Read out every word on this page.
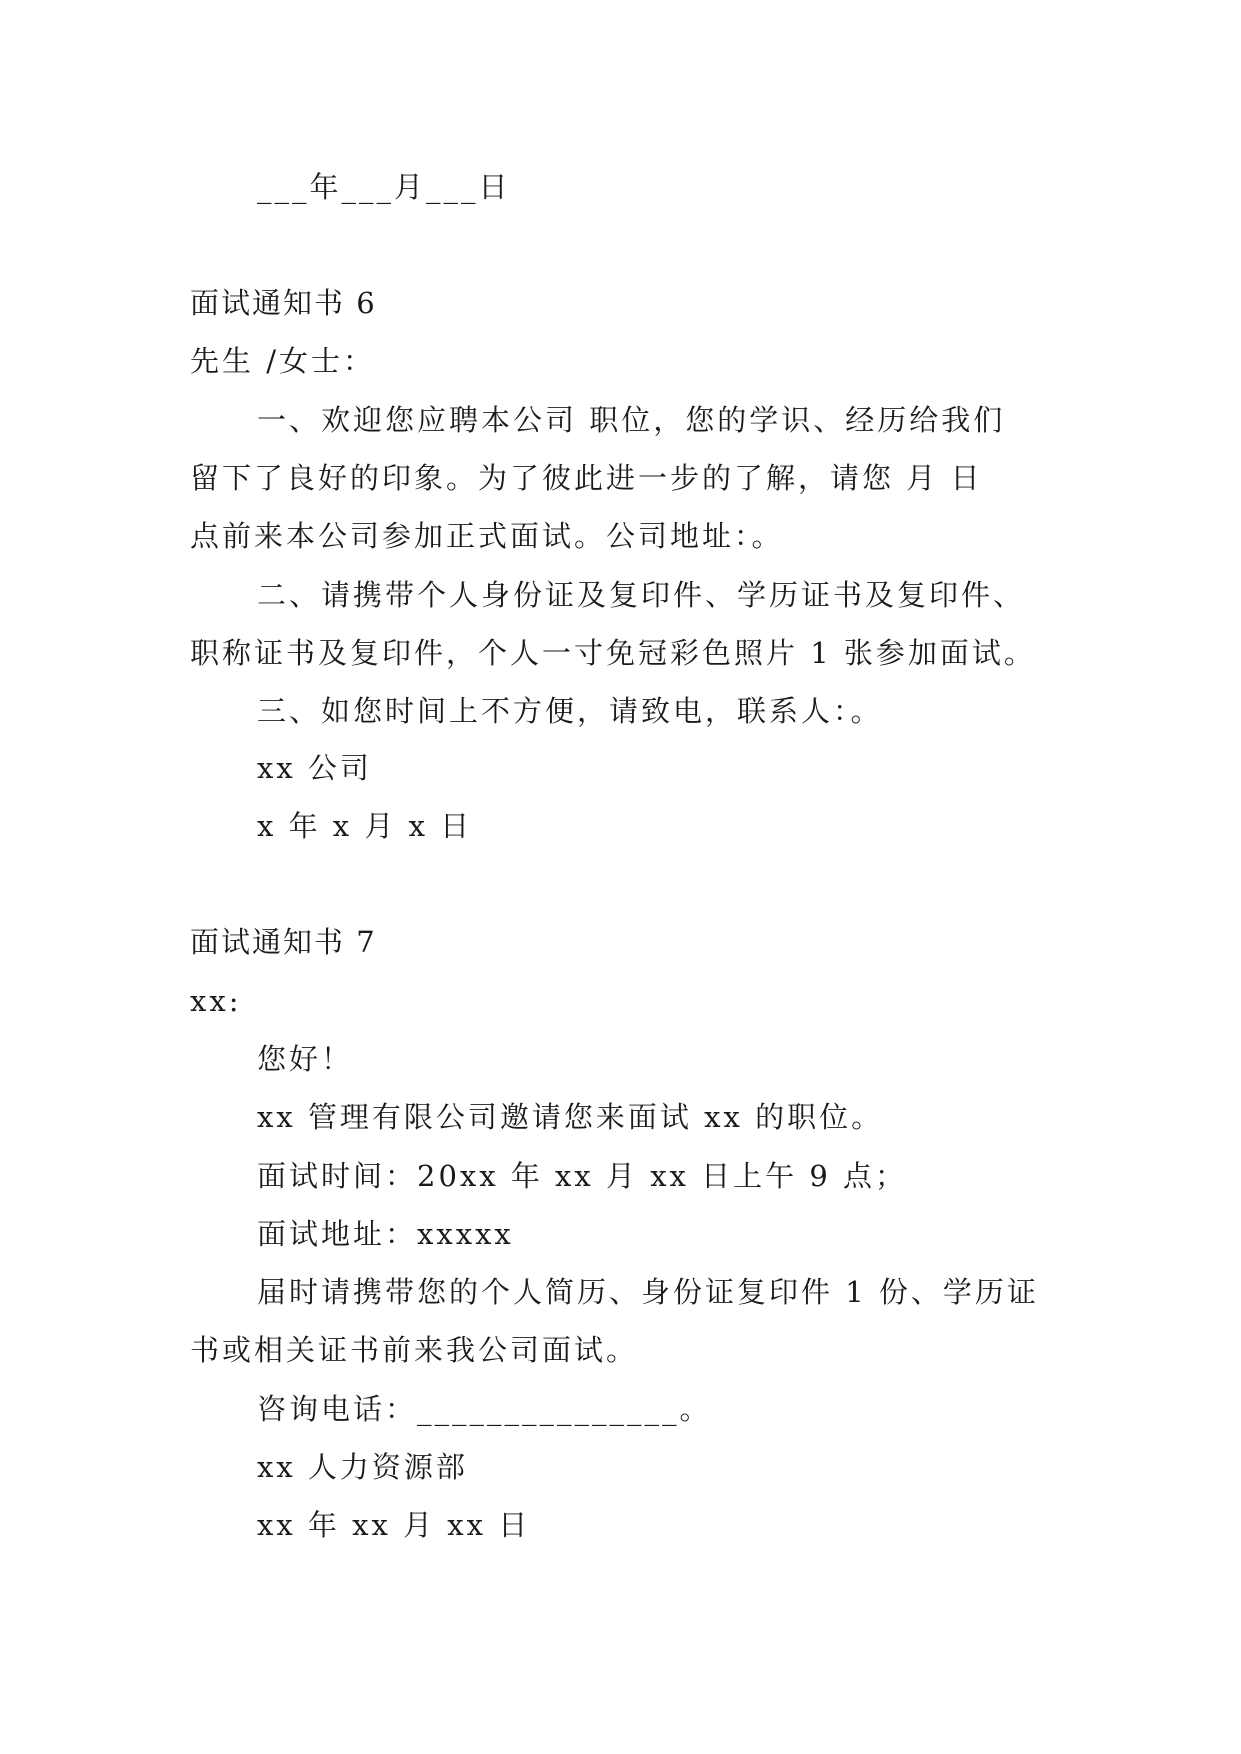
___年___月___日
面试通知书 6
先生 /女士：
一、欢迎您应聘本公司 职位，您的学识、经历给我们
留下了良好的印象。为了彼此进一步的了解，请您 月 日
点前来本公司参加正式面试。公司地址：。
二、请携带个人身份证及复印件、学历证书及复印件、
职称证书及复印件，个人一寸免冠彩色照片 1 张参加面试。
三、如您时间上不方便，请致电，联系人：。
xx 公司
x 年 x 月 x 日
面试通知书 7
xx:
您好！
xx 管理有限公司邀请您来面试 xx 的职位。
面试时间：20xx 年 xx 月 xx 日上午 9 点；
面试地址：xxxxx
届时请携带您的个人简历、身份证复印件 1 份、学历证
书或相关证书前来我公司面试。
咨询电话：_______________。
xx 人力资源部
xx 年 xx 月 xx 日
